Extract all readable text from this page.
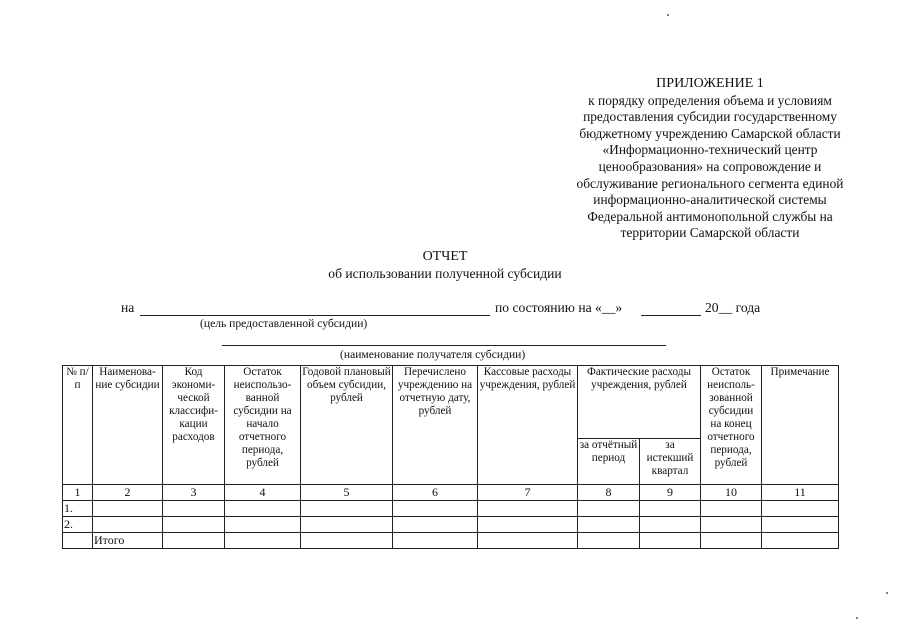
ПРИЛОЖЕНИЕ 1
к порядку определения объема и условиям
предоставления субсидии государственному
бюджетному учреждению Самарской области
«Информационно-технический центр
ценообразования» на сопровождение и
обслуживание регионального сегмента единой
информационно-аналитической системы
Федеральной антимонопольной службы на
территории Самарской области
ОТЧЕТ
об использовании полученной субсидии
на	по состоянию на «__»	20__ года
(цель предоставленной субсидии)
(наименование получателя субсидии)
№ п/п	Наименова-ние субсидии	Код экономи-ческой классифи-кации расходов	Остаток неиспользо-ванной субсидии на начало отчетного периода, рублей	Годовой плановый объем субсидии, рублей	Перечислено учреждению на отчетную дату, рублей	Кассовые расходы учреждения, рублей	Фактические расходы учреждения, рублей		Остаток неисполь-зованной субсидии на конец отчетного периода, рублей	Примечание
							за отчётный период	за истекший квартал		
1	2	3	4	5	6	7	8	9	10	11
1.										
2.										
	Итого									
